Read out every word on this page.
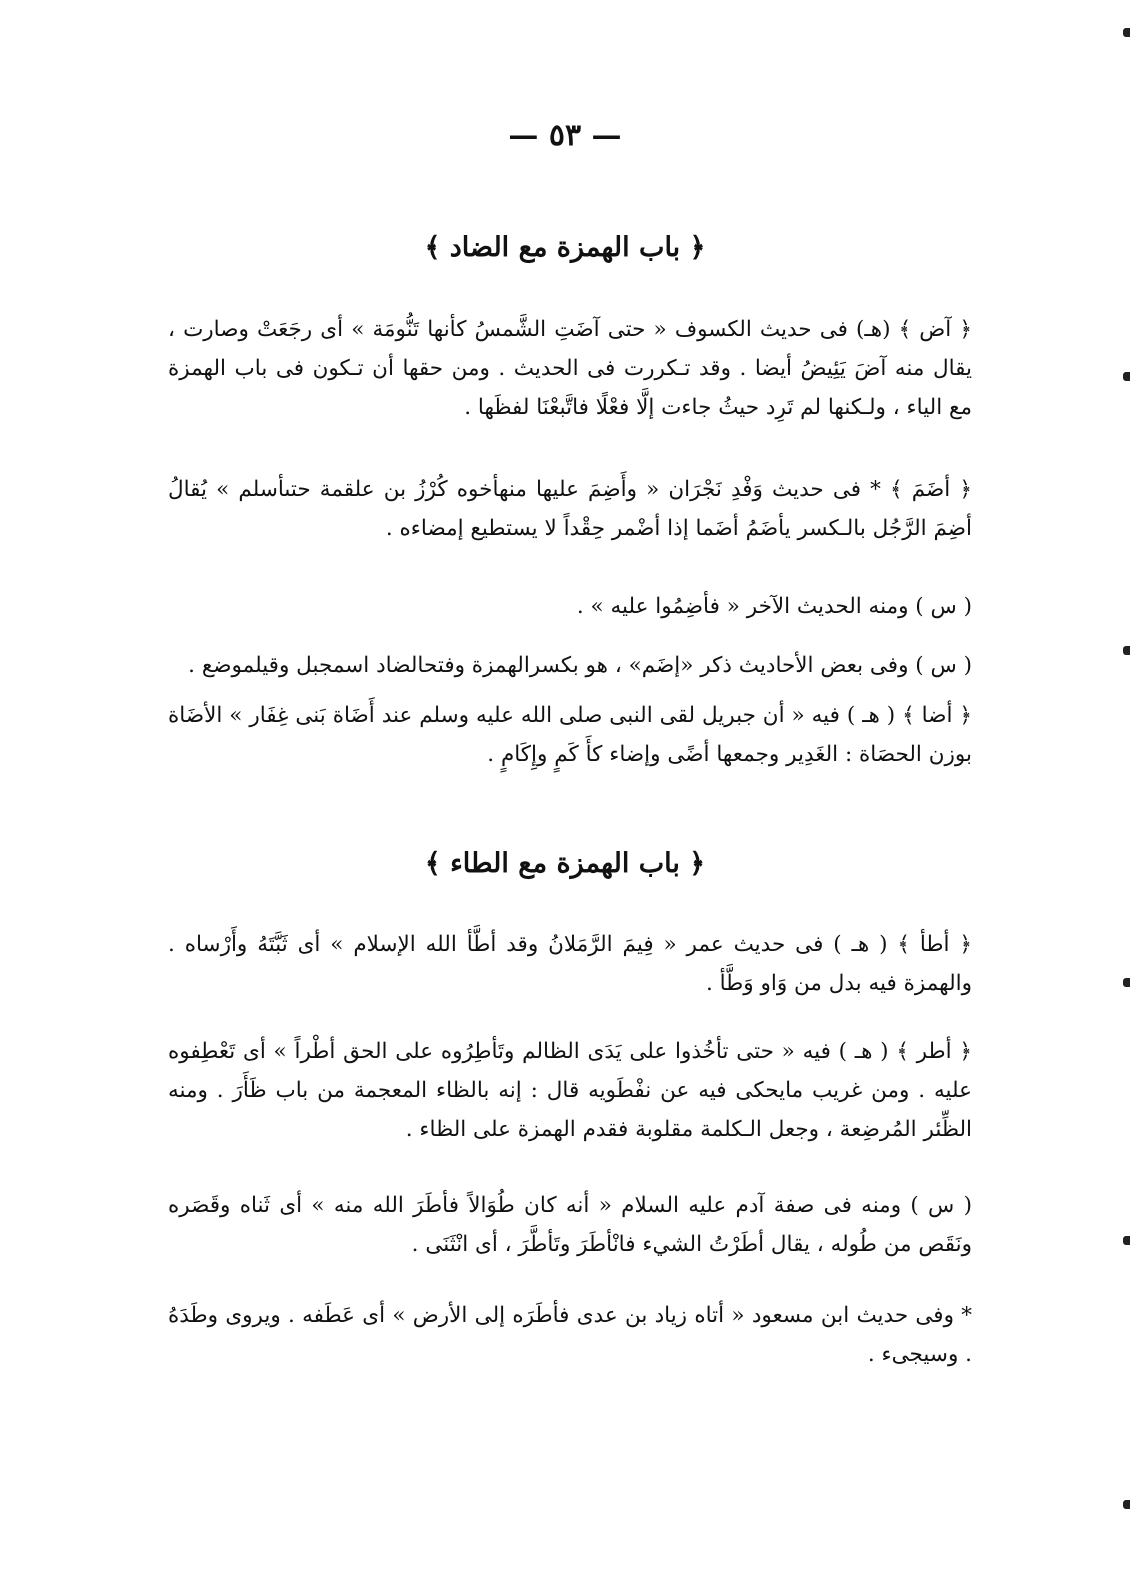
— ٥٣ —
﴿ باب الهمزة مع الضاد ﴾
﴿ آض ﴾ (هـ) فى حديث الكسوف « حتى آضَتِ الشَّمسُ كأنها تَنُّومَة » أى رجَعَتْ وصارت ، يقال منه آضَ يَئِيضُ أيضا . وقد تـكررت فى الحديث . ومن حقها أن تـكون فى باب الهمزة مع الياء ، ولـكنها لم تَرِد حيثُ جاءت إلَّا فعْلًا فاتَّبعْنَا لفظَها .
﴿ أضَمَ ﴾ * فى حديث وَفْدِ نَجْرَان « وأَضِمَ عليها منهأخوه كُرْزُ بن علقمة حتىأسلم » يُقالُ أضِمَ الرَّجُل بالـكسر يأضَمُ أضَما إذا أضْمر حِقْداً لا يستطيع إمضاءه .
( س ) ومنه الحديث الآخر « فأضِمُوا عليه » .
( س ) وفى بعض الأحاديث ذكر «إضَم» ، هو بكسرالهمزة وفتحالضاد اسمجبل وقيلموضع .
﴿ أضا ﴾ ( هـ ) فيه « أن جبريل لقى النبى صلى الله عليه وسلم عند أَضَاة بَنى غِفَار » الأضَاة بوزن الحصَاة : الغَدِير وجمعها أضًى وإضاء كأَ كَمٍ وإِكَامٍ .
﴿ باب الهمزة مع الطاء ﴾
﴿ أطأ ﴾ ( هـ ) فى حديث عمر « فِيمَ الرَّمَلانُ وقد أطَّأ الله الإسلام » أى ثَبَّتَهُ وأَرْساه . والهمزة فيه بدل من وَاو وَطَّأ .
﴿ أطر ﴾ ( هـ ) فيه « حتى تأخُذوا على يَدَى الظالم وتَأطِرُوه على الحق أطْراً » أى تَعْطِفوه عليه . ومن غريب مايحكى فيه عن نفْطَويه قال : إنه بالظاء المعجمة من باب ظَأَرَ . ومنه الظِّئر المُرضِعة ، وجعل الـكلمة مقلوبة فقدم الهمزة على الظاء .
( س ) ومنه فى صفة آدم عليه السلام « أنه كان طُوَالاً فأطَرَ الله منه » أى ثَناه وقَصَره ونَقَص من طُوله ، يقال أطَرْتُ الشيء فانْأطَرَ وتَأطَّرَ ، أى انْثَنَى .
* وفى حديث ابن مسعود « أتاه زياد بن عدى فأطَرَه إلى الأرض » أى عَطَفه . ويروى وطَدَهُ . وسيجىء .
